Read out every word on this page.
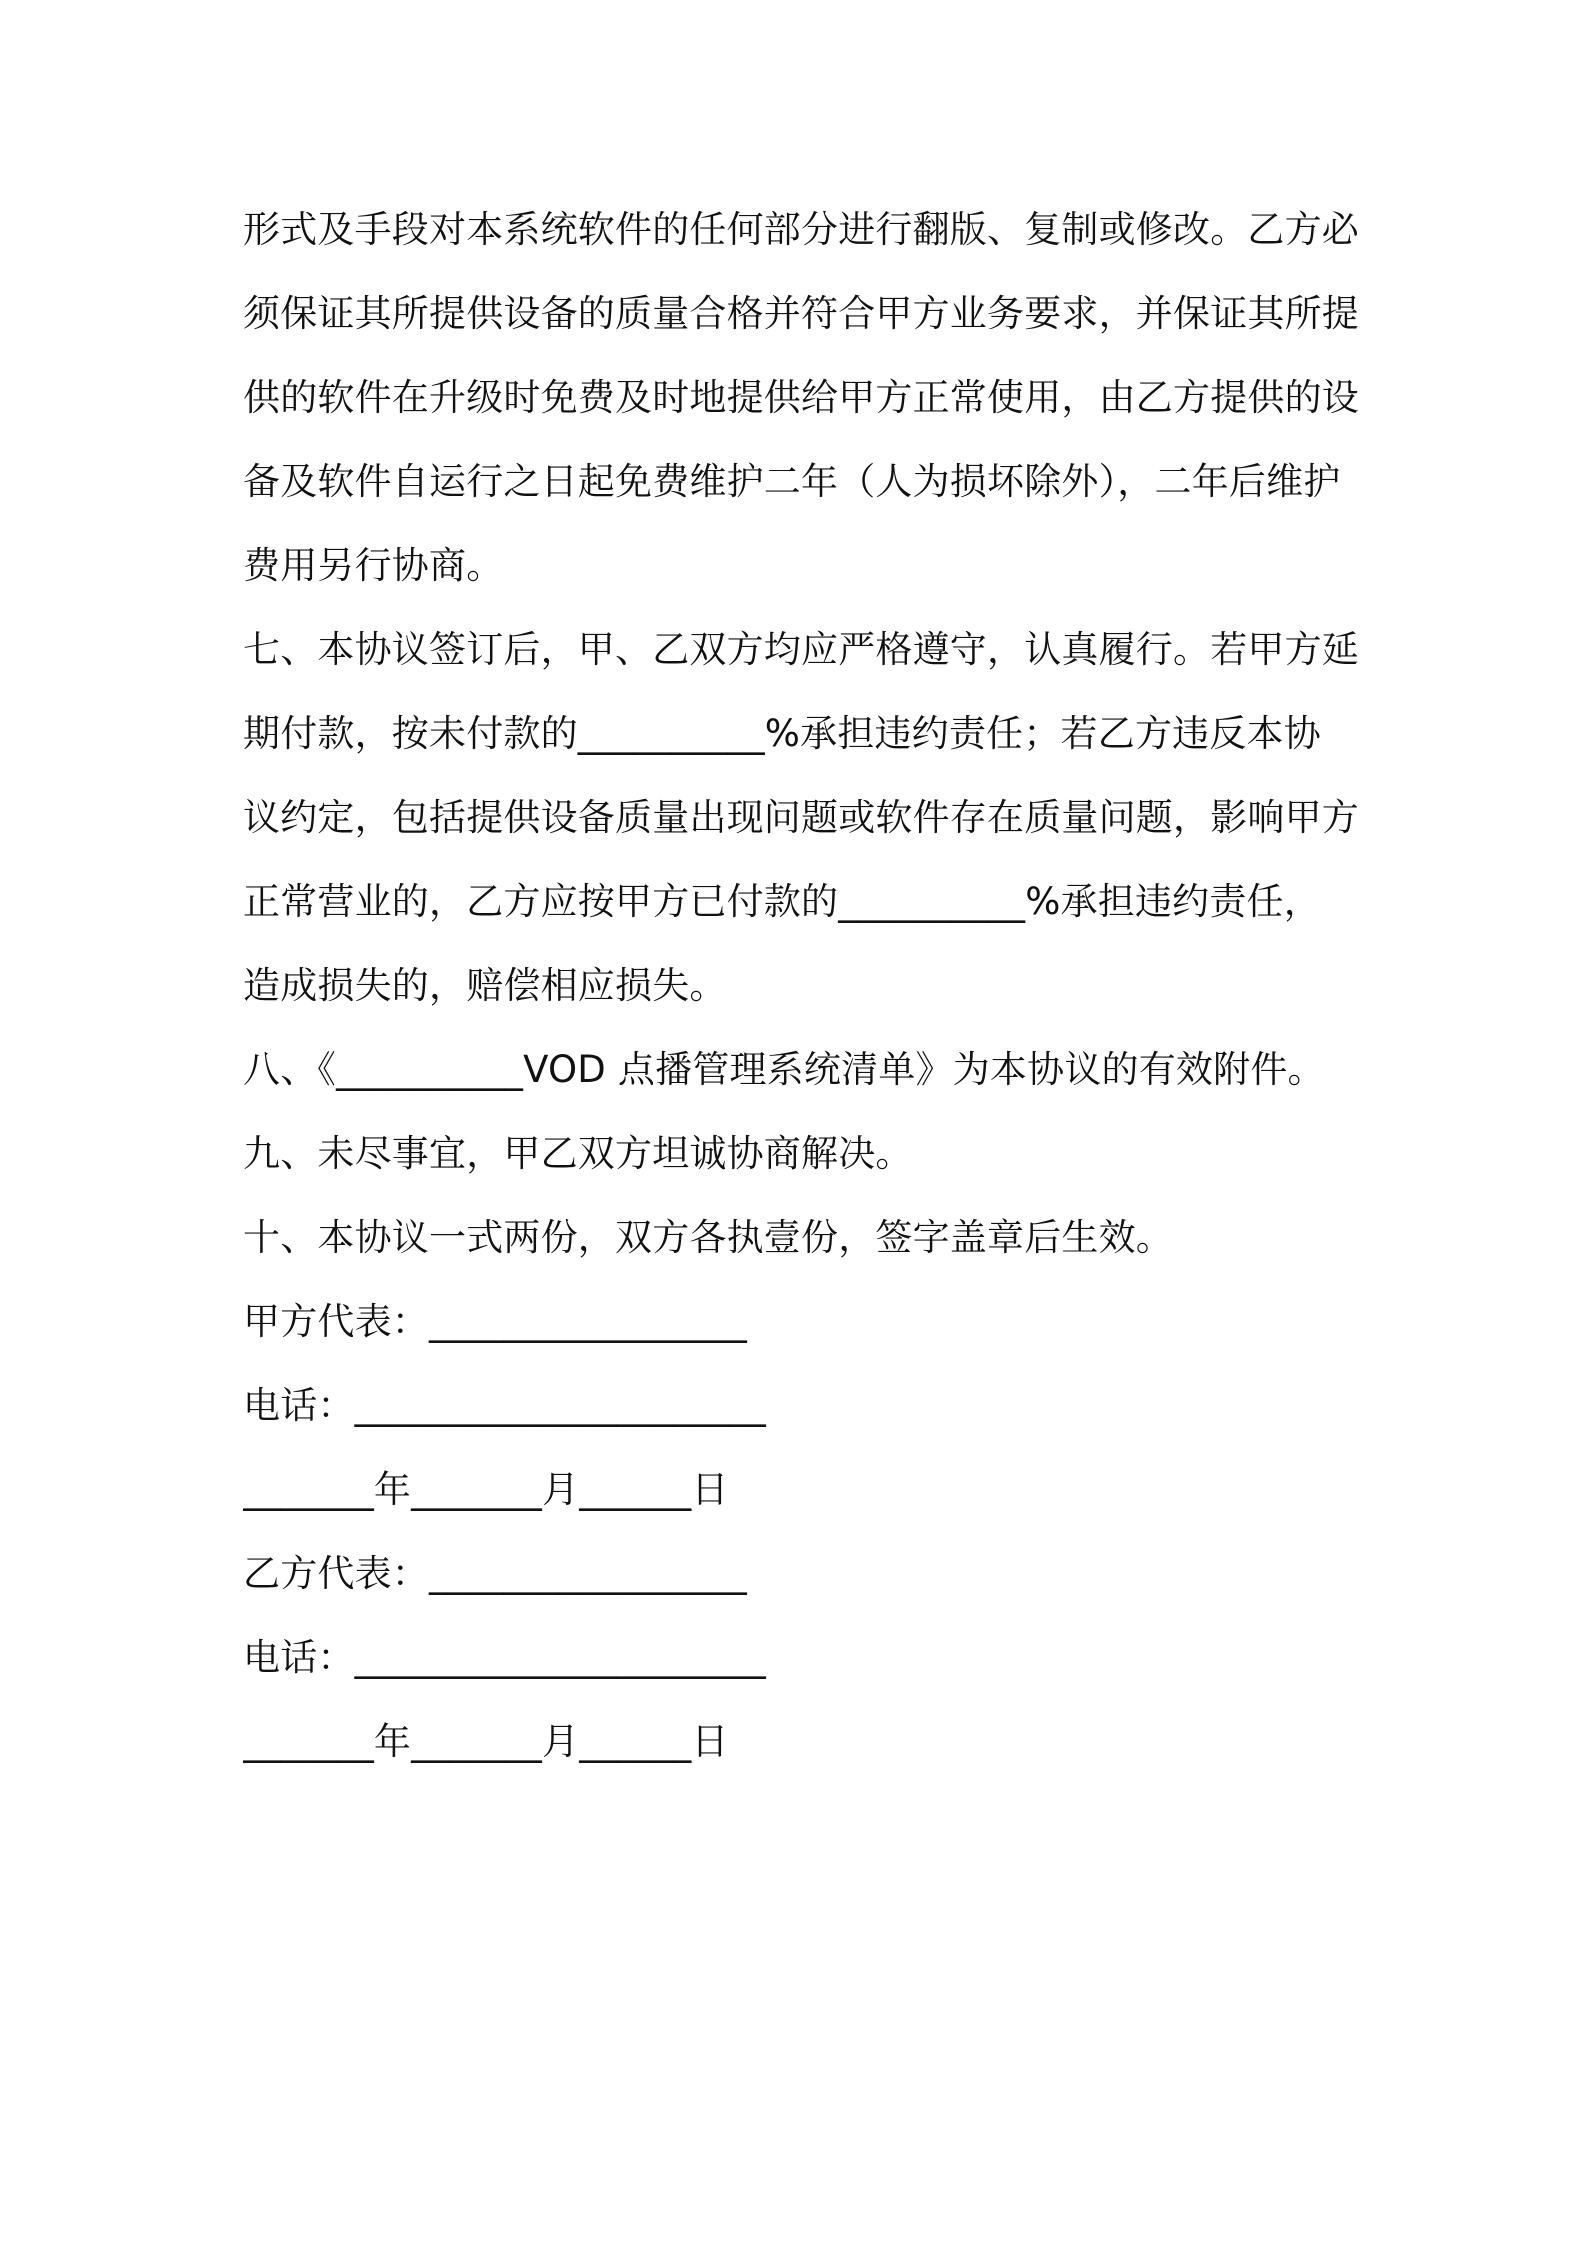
形式及手段对本系统软件的任何部分进行翻版、复制或修改。乙方必
须保证其所提供设备的质量合格并符合甲方业务要求，并保证其所提
供的软件在升级时免费及时地提供给甲方正常使用，由乙方提供的设
备及软件自运行之日起免费维护二年（人为损坏除外），二年后维护
费用另行协商。
七、本协议签订后，甲、乙双方均应严格遵守，认真履行。若甲方延
期付款，按未付款的__________%承担违约责任；若乙方违反本协
议约定，包括提供设备质量出现问题或软件存在质量问题，影响甲方
正常营业的，乙方应按甲方已付款的__________%承担违约责任，
造成损失的，赔偿相应损失。
八、《__________VOD 点播管理系统清单》为本协议的有效附件。
九、未尽事宜，甲乙双方坦诚协商解决。
十、本协议一式两份，双方各执壹份，签字盖章后生效。
甲方代表：_________________
电话：______________________
_______年_______月______日
乙方代表：_________________
电话：______________________
_______年_______月______日
